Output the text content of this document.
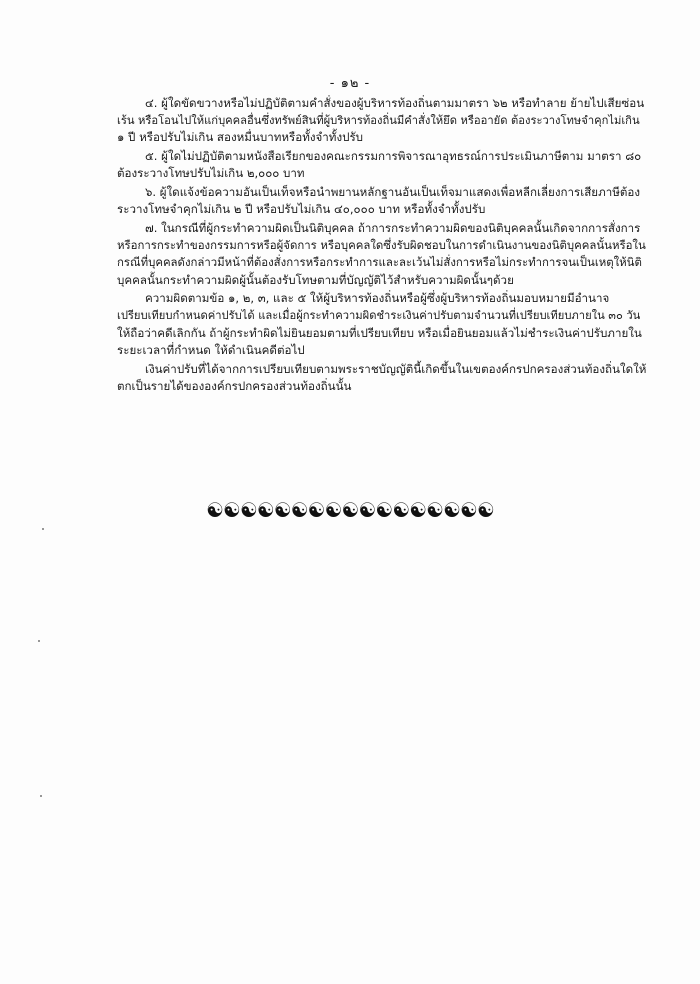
- ๑๒ -
๔. ผู้ใดขัดขวางหรือไม่ปฏิบัติตามคำสั่งของผู้บริหารท้องถิ่นตามมาตรา ๖๒ หรือทำลาย ย้ายไปเสียซ่อน
เร้น หรือโอนไปให้แก่บุคคลอื่นซึ่งทรัพย์สินที่ผู้บริหารท้องถิ่นมีคำสั่งให้ยึด หรืออายัด ต้องระวางโทษจำคุกไม่เกิน
๑ ปี หรือปรับไม่เกิน สองหมื่นบาทหรือทั้งจำทั้งปรับ
๕. ผู้ใดไม่ปฏิบัติตามหนังสือเรียกของคณะกรรมการพิจารณาอุทธรณ์การประเมินภาษีตาม มาตรา ๘๐
ต้องระวางโทษปรับไม่เกิน ๒,๐๐๐ บาท
๖. ผู้ใดแจ้งข้อความอันเป็นเท็จหรือนำพยานหลักฐานอันเป็นเท็จมาแสดงเพื่อหลีกเลี่ยงการเสียภาษีต้อง
ระวางโทษจำคุกไม่เกิน ๒ ปี หรือปรับไม่เกิน ๔๐,๐๐๐ บาท หรือทั้งจำทั้งปรับ
๗. ในกรณีที่ผู้กระทำความผิดเป็นนิติบุคคล ถ้าการกระทำความผิดของนิติบุคคลนั้นเกิดจากการสั่งการ
หรือการกระทำของกรรมการหรือผู้จัดการ หรือบุคคลใดซึ่งรับผิดชอบในการดำเนินงานของนิติบุคคลนั้นหรือใน
กรณีที่บุคคลดังกล่าวมีหน้าที่ต้องสั่งการหรือกระทำการและละเว้นไม่สั่งการหรือไม่กระทำการจนเป็นเหตุให้นิติ
บุคคลนั้นกระทำความผิดผู้นั้นต้องรับโทษตามที่บัญญัติไว้สำหรับความผิดนั้นๆด้วย
ความผิดตามข้อ ๑, ๒, ๓, และ ๕ ให้ผู้บริหารท้องถิ่นหรือผู้ซึ่งผู้บริหารท้องถิ่นมอบหมายมีอำนาจ
เปรียบเทียบกำหนดค่าปรับได้ และเมื่อผู้กระทำความผิดชำระเงินค่าปรับตามจำนวนที่เปรียบเทียบภายใน ๓๐ วัน
ให้ถือว่าคดีเลิกกัน ถ้าผู้กระทำผิดไม่ยินยอมตามที่เปรียบเทียบ หรือเมื่อยินยอมแล้วไม่ชำระเงินค่าปรับภายใน
ระยะเวลาที่กำหนด ให้ดำเนินคดีต่อไป
เงินค่าปรับที่ได้จากการเปรียบเทียบตามพระราชบัญญัตินี้เกิดขึ้นในเขตองค์กรปกครองส่วนท้องถิ่นใดให้
ตกเป็นรายได้ขององค์กรปกครองส่วนท้องถิ่นนั้น
☯☯☯☯☯☯☯☯☯☯☯☯☯☯☯☯☯
